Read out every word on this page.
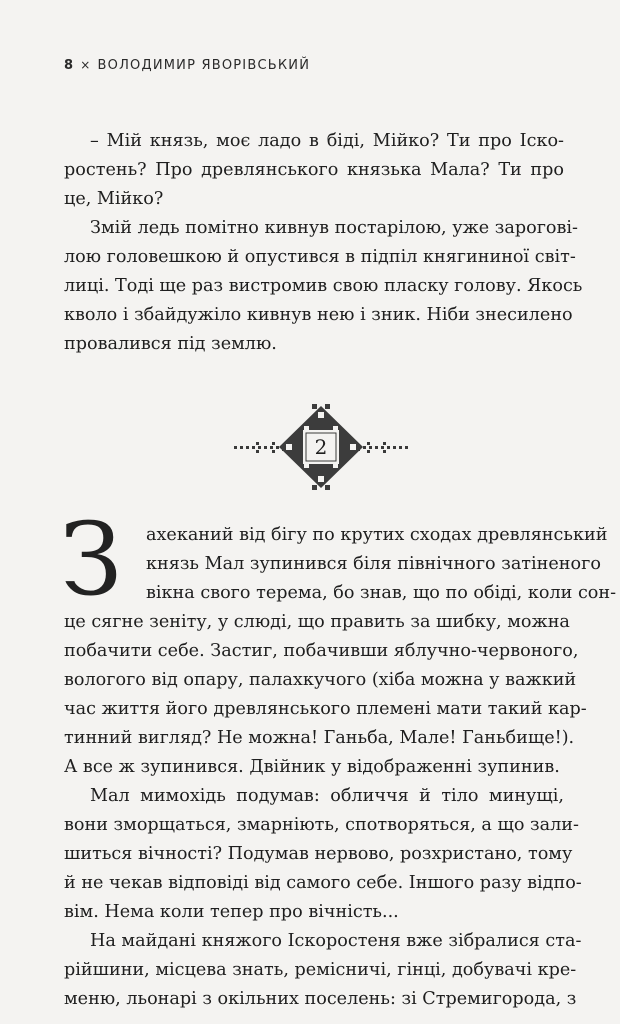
8 × ВОЛОДИМИР ЯВОРІВСЬКИЙ
– Мій князь, моє ладо в біді, Мійко? Ти про Іско-
ростень? Про древлянського князька Мала? Ти про
це, Мійко?
Змій ледь помітно кивнув постарілою, уже зарогові-
лою головешкою й опустився в підпіл княгининої світ-
лиці. Тоді ще раз вистромив свою пласку голову. Якось
кволо і збайдужіло кивнув нею і зник. Ніби знесилено
провалився під землю.
2
З	ахеканий від бігу по крутих сходах древлянський
князь Мал зупинився біля північного затіненого
вікна свого терема, бо знав, що по обіді, коли сон-
це сягне зеніту, у слюді, що править за шибку, можна
побачити себе. Застиг, побачивши яблучно-червоного,
вологого від опару, палахкучого (хіба можна у важкий
час життя його древлянського племені мати такий кар-
тинний вигляд? Не можна! Ганьба, Мале! Ганьбище!).
А все ж зупинився. Двійник у відображенні зупинив.
Мал мимохідь подумав: обличчя й тіло минущі,
вони зморщаться, змарніють, спотворяться, а що зали-
шиться вічності? Подумав нервово, розхристано, тому
й не чекав відповіді від самого себе. Іншого разу відпо-
вім. Нема коли тепер про вічність...
На майдані княжого Іскоростеня вже зібралися ста-
рійшини, місцева знать, ремісничі, гінці, добувачі кре-
меню, льонарі з окільних поселень: зі Стремигорода, з
